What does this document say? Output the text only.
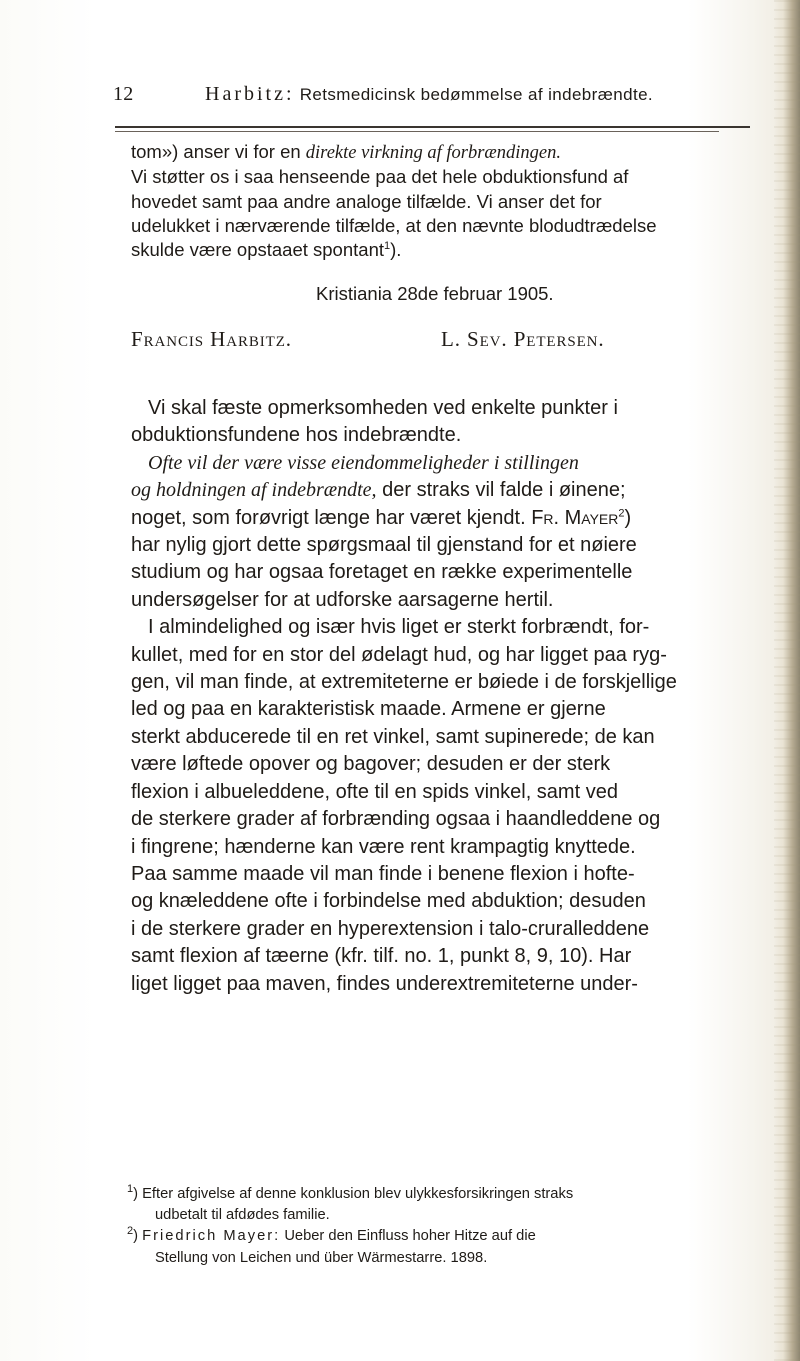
12	Harbitz: Retsmedicinsk bedømmelse af indebrændte.
tom») anser vi for en direkte virkning af forbrændingen.
Vi støtter os i saa henseende paa det hele obduktionsfund af
hovedet samt paa andre analoge tilfælde. Vi anser det for
udelukket i nærværende tilfælde, at den nævnte blodudtrædelse
skulde være opstaaet spontant$^1$).
Kristiania 28de februar 1905.
Francis Harbitz.	L. Sev. Petersen.
Vi skal fæste opmerksomheden ved enkelte punkter i
obduktionsfundene hos indebrændte.
Ofte vil der være visse eiendommeligheder i stillingen
og holdningen af indebrændte, der straks vil falde i øinene;
noget, som forøvrigt længe har været kjendt. Fr. Mayer$^2$)
har nylig gjort dette spørgsmaal til gjenstand for et nøiere
studium og har ogsaa foretaget en række experimentelle
undersøgelser for at udforske aarsagerne hertil.
I almindelighed og især hvis liget er sterkt forbrændt, for-
kullet, med for en stor del ødelagt hud, og har ligget paa ryg-
gen, vil man finde, at extremiteterne er bøiede i de forskjellige
led og paa en karakteristisk maade. Armene er gjerne
sterkt abducerede til en ret vinkel, samt supinerede; de kan
være løftede opover og bagover; desuden er der sterk
flexion i albueleddene, ofte til en spids vinkel, samt ved
de sterkere grader af forbrænding ogsaa i haandleddene og
i fingrene; hænderne kan være rent krampagtig knyttede.
Paa samme maade vil man finde i benene flexion i hofte-
og knæleddene ofte i forbindelse med abduktion; desuden
i de sterkere grader en hyperextension i talo-cruralleddene
samt flexion af tæerne (kfr. tilf. no. 1, punkt 8, 9, 10). Har
liget ligget paa maven, findes underextremiteterne under-

$^1$) Efter afgivelse af denne konklusion blev ulykkesforsikringen straks
udbetalt til afdødes familie.

$^2$) Friedrich Mayer: Ueber den Einfluss hoher Hitze auf die
Stellung von Leichen und über Wärmestarre. 1898.
